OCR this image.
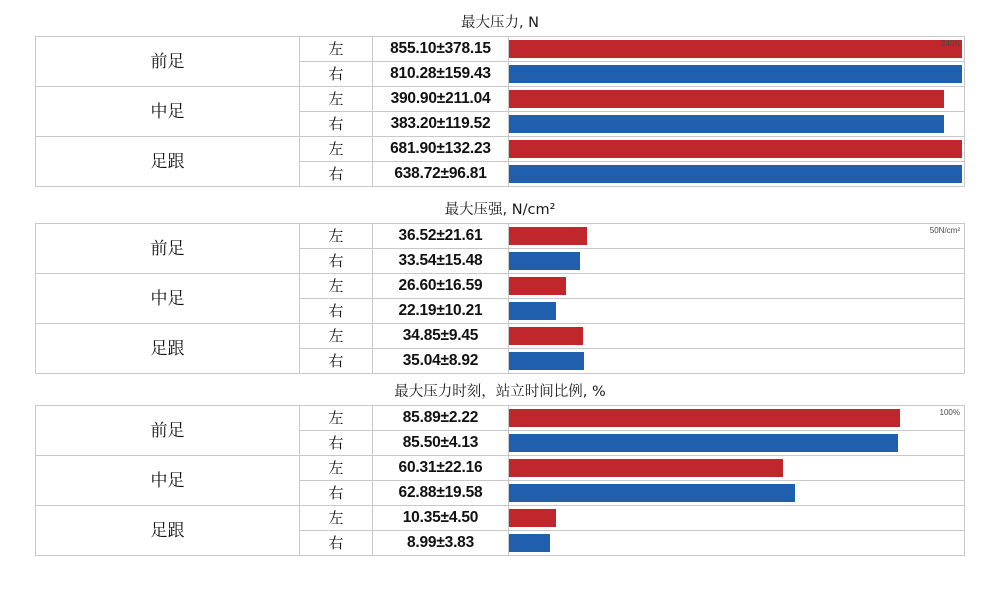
最大压力, N
前足	左	855.10±378.15	240N

	右	810.28±159.43	

中足	左	390.90±211.04	

	右	383.20±119.52	

足跟	左	681.90±132.23	

	右	638.72±96.81	
最大压强, N/cm²
前足	左	36.52±21.61	50N/cm²

	右	33.54±15.48	

中足	左	26.60±16.59	

	右	22.19±10.21	

足跟	左	34.85±9.45	

	右	35.04±8.92	
最大压力时刻，站立时间比例, %
前足	左	85.89±2.22	100%

	右	85.50±4.13	

中足	左	60.31±22.16	

	右	62.88±19.58	

足跟	左	10.35±4.50	

	右	8.99±3.83	
